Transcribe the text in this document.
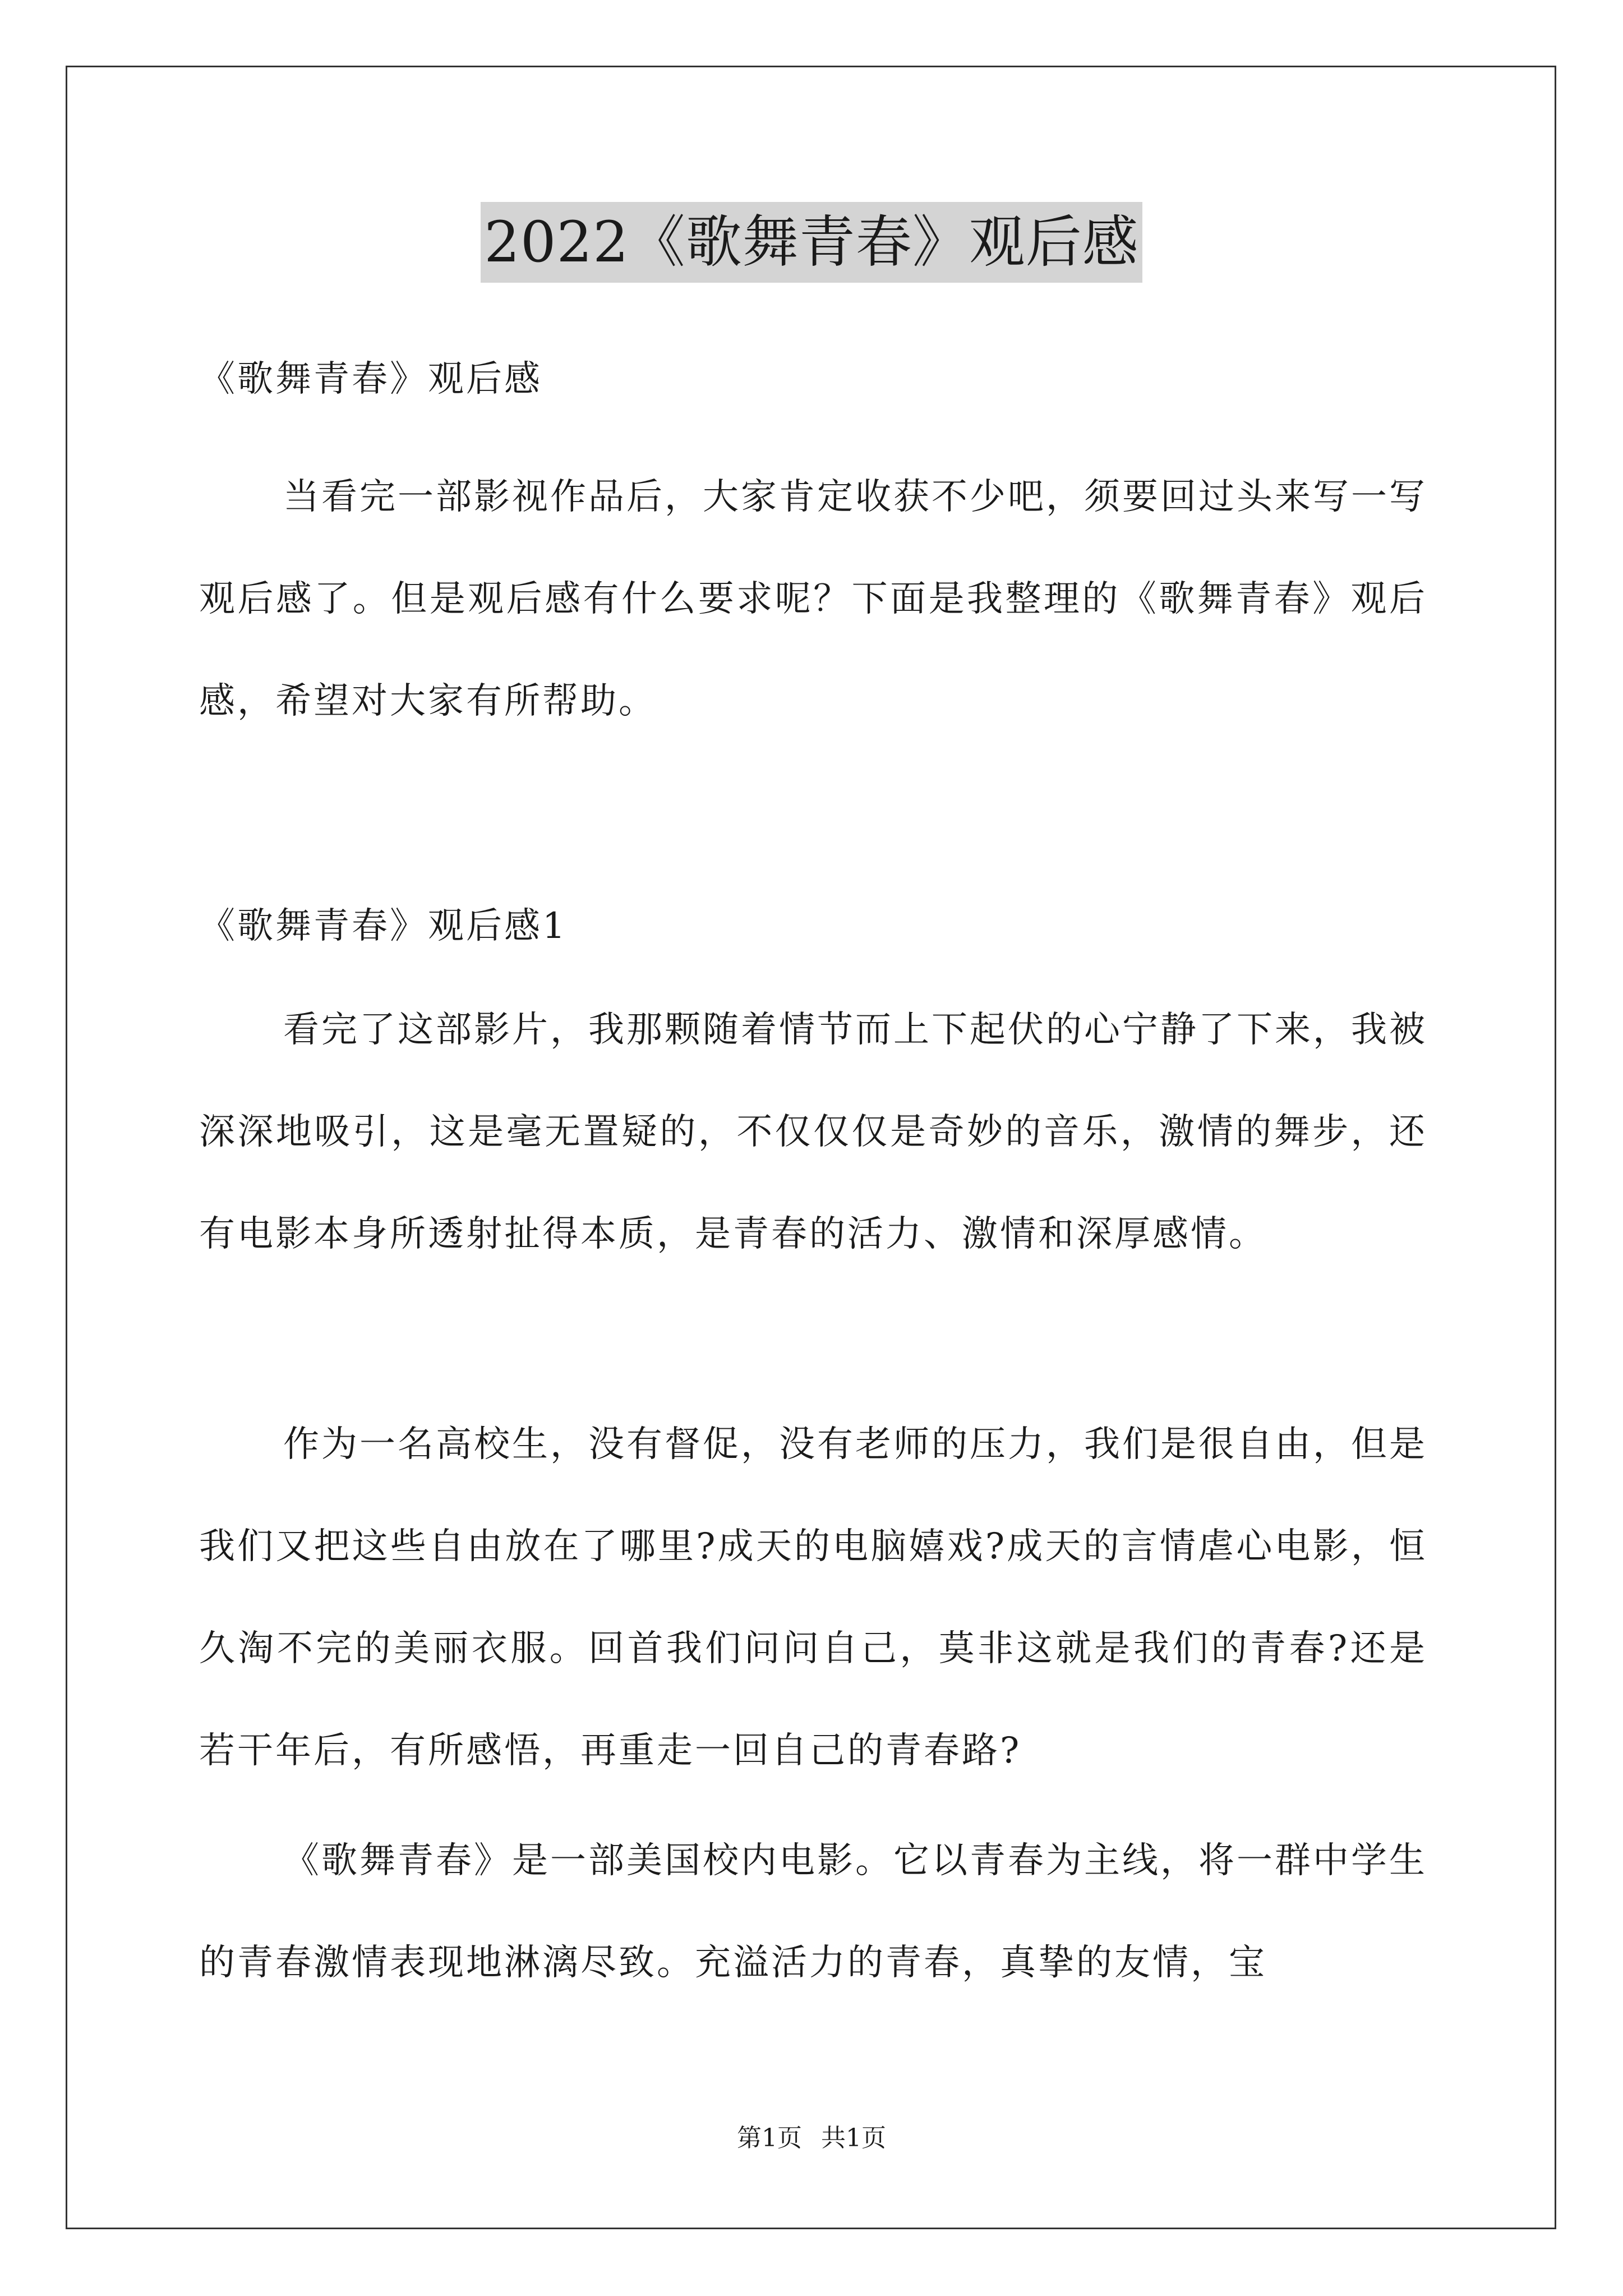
2022《歌舞青春》观后感

《歌舞青春》观后感

当看完一部影视作品后，大家肯定收获不少吧，须要回过头来写一写观后感了。但是观后感有什么要求呢？下面是我整理的《歌舞青春》观后感，希望对大家有所帮助。

《歌舞青春》观后感1

看完了这部影片，我那颗随着情节而上下起伏的心宁静了下来，我被深深地吸引，这是毫无置疑的，不仅仅仅是奇妙的音乐，激情的舞步，还有电影本身所透射扯得本质，是青春的活力、激情和深厚感情。

作为一名高校生，没有督促，没有老师的压力，我们是很自由，但是我们又把这些自由放在了哪里?成天的电脑嬉戏?成天的言情虐心电影，恒久淘不完的美丽衣服。回首我们问问自己，莫非这就是我们的青春?还是若干年后，有所感悟，再重走一回自己的青春路?

《歌舞青春》是一部美国校内电影。它以青春为主线，将一群中学生的青春激情表现地淋漓尽致。充溢活力的青春，真挚的友情，宝

第1页 共1页
